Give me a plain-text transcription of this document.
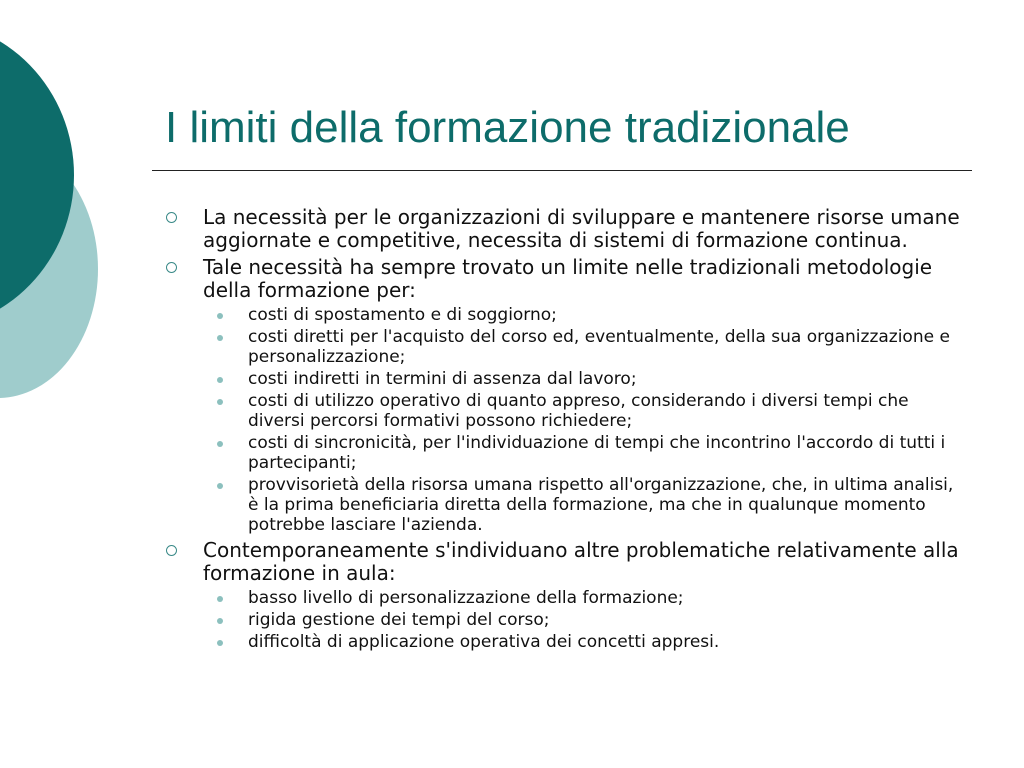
I limiti della formazione tradizionale
La necessità per le organizzazioni di sviluppare e mantenere risorse umane aggiornate e competitive, necessita di sistemi di formazione continua.
Tale necessità ha sempre trovato un limite nelle tradizionali metodologie della formazione per:
costi di spostamento e di soggiorno;
costi diretti per l'acquisto del corso ed, eventualmente, della sua organizzazione e personalizzazione;
costi indiretti in termini di assenza dal lavoro;
costi di utilizzo operativo di quanto appreso, considerando i diversi tempi che diversi percorsi formativi possono richiedere;
costi di sincronicità, per l'individuazione di tempi che incontrino l'accordo di tutti i partecipanti;
provvisorietà della risorsa umana rispetto all'organizzazione, che, in ultima analisi, è la prima beneficiaria diretta della formazione, ma che in qualunque momento potrebbe lasciare l'azienda.
Contemporaneamente s'individuano altre problematiche relativamente alla formazione in aula:
basso livello di personalizzazione della formazione;
rigida gestione dei tempi del corso;
difficoltà di applicazione operativa dei concetti appresi.
